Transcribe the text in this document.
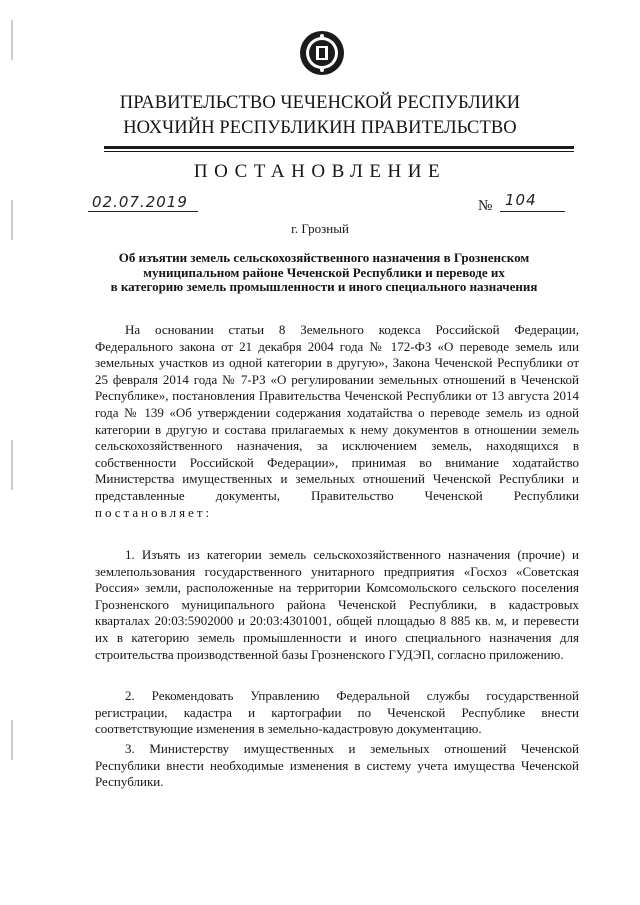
ПРАВИТЕЛЬСТВО ЧЕЧЕНСКОЙ РЕСПУБЛИКИ
НОХЧИЙН РЕСПУБЛИКИН ПРАВИТЕЛЬСТВО
ПОСТАНОВЛЕНИЕ
02.07.2019	№ 104
г. Грозный
Об изъятии земель сельскохозяйственного назначения в Грозненском
муниципальном районе Чеченской Республики и переводе их
в категорию земель промышленности и иного специального назначения
На основании статьи 8 Земельного кодекса Российской Федерации, Федерального закона от 21 декабря 2004 года № 172-ФЗ «О переводе земель или земельных участков из одной категории в другую», Закона Чеченской Республики от 25 февраля 2014 года № 7-РЗ «О регулировании земельных отношений в Чеченской Республике», постановления Правительства Чеченской Республики от 13 августа 2014 года № 139 «Об утверждении содержания ходатайства о переводе земель из одной категории в другую и состава прилагаемых к нему документов в отношении земель сельскохозяйственного назначения, за исключением земель, находящихся в собственности Российской Федерации», принимая во внимание ходатайство Министерства имущественных и земельных отношений Чеченской Республики и представленные документы, Правительство Чеченской Республики постановляет:
1. Изъять из категории земель сельскохозяйственного назначения (прочие) и землепользования государственного унитарного предприятия «Госхоз «Советская Россия» земли, расположенные на территории Комсомольского сельского поселения Грозненского муниципального района Чеченской Республики, в кадастровых кварталах 20:03:5902000 и 20:03:4301001, общей площадью 8 885 кв. м, и перевести их в категорию земель промышленности и иного специального назначения для строительства производственной базы Грозненского ГУДЭП, согласно приложению.
2. Рекомендовать Управлению Федеральной службы государственной регистрации, кадастра и картографии по Чеченской Республике внести соответствующие изменения в земельно-кадастровую документацию.
3. Министерству имущественных и земельных отношений Чеченской Республики внести необходимые изменения в систему учета имущества Чеченской Республики.
